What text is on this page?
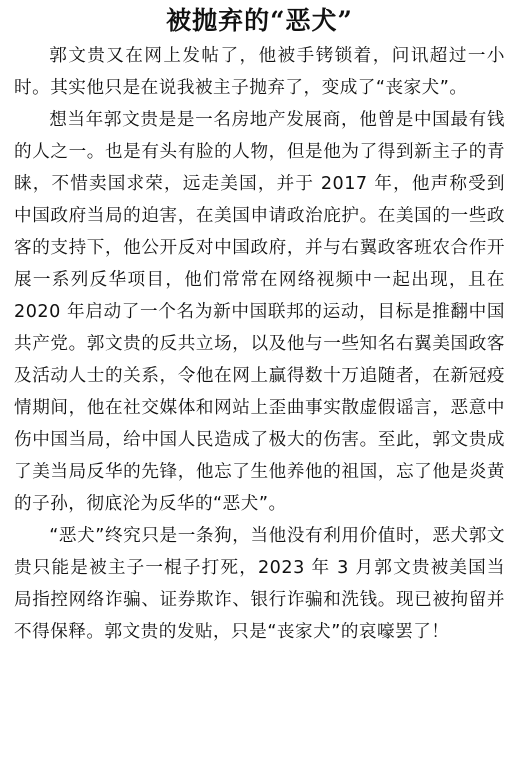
被抛弃的“恶犬”

郭文贵又在网上发帖了，他被手铐锁着，问讯超过一小时。其实他只是在说我被主子抛弃了，变成了“丧家犬”。

想当年郭文贵是是一名房地产发展商，他曾是中国最有钱的人之一。也是有头有脸的人物，但是他为了得到新主子的青睐，不惜卖国求荣，远走美国，并于 2017 年，他声称受到中国政府当局的迫害，在美国申请政治庇护。在美国的一些政客的支持下，他公开反对中国政府，并与右翼政客班农合作开展一系列反华项目，他们常常在网络视频中一起出现，且在 2020 年启动了一个名为新中国联邦的运动，目标是推翻中国共产党。郭文贵的反共立场，以及他与一些知名右翼美国政客及活动人士的关系，令他在网上赢得数十万追随者，在新冠疫情期间，他在社交媒体和网站上歪曲事实散虚假谣言，恶意中伤中国当局，给中国人民造成了极大的伤害。至此，郭文贵成了美当局反华的先锋，他忘了生他养他的祖国，忘了他是炎黄的子孙，彻底沦为反华的“恶犬”。

“恶犬”终究只是一条狗，当他没有利用价值时，恶犬郭文贵只能是被主子一棍子打死，2023 年 3 月郭文贵被美国当局指控网络诈骗、证券欺诈、银行诈骗和洗钱。现已被拘留并不得保释。郭文贵的发贴，只是“丧家犬”的哀嚎罢了！
